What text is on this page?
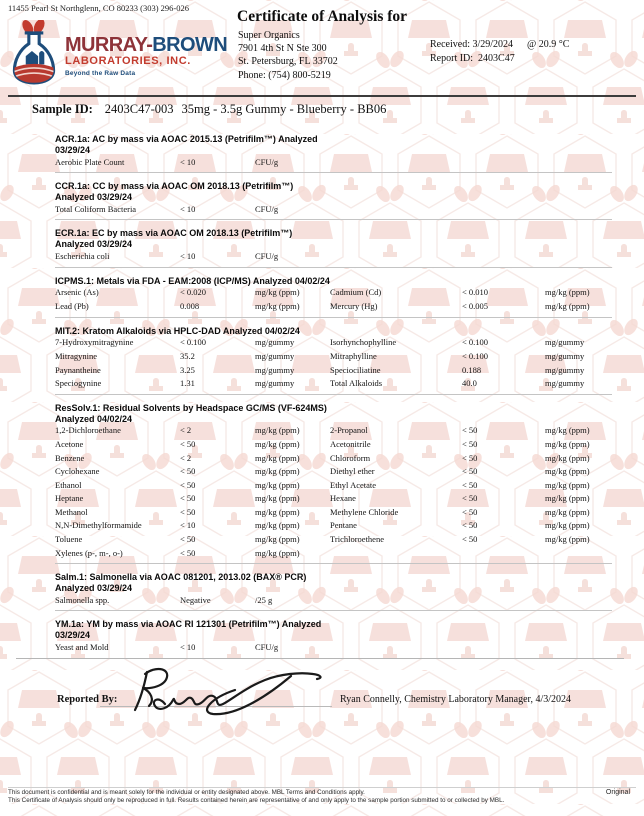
11455 Pearl St Northglenn, CO 80233 (303) 296-026
MURRAY-BROWN
LABORATORIES, INC.
Beyond the Raw Data
Certificate of Analysis for
Super Organics
7901 4th St N Ste 300
St. Petersburg, FL 33702
Phone: (754) 800-5219
Received: 3/29/2024 @ 20.9 °C
Report ID: 2403C47
Sample ID: 2403C47-003 35mg - 3.5g Gummy - Blueberry - BB06
ACR.1a: AC by mass via AOAC 2015.13 (Petrifilm™) Analyzed
03/29/24
Aerobic Plate Count	< 10	CFU/g
CCR.1a: CC by mass via AOAC OM 2018.13 (Petrifilm™)
Analyzed 03/29/24
Total Coliform Bacteria	< 10	CFU/g
ECR.1a: EC by mass via AOAC OM 2018.13 (Petrifilm™)
Analyzed 03/29/24
Escherichia coli	< 10	CFU/g
ICPMS.1: Metals via FDA - EAM:2008 (ICP/MS) Analyzed 04/02/24
Arsenic (As)	< 0.020	mg/kg (ppm)	Cadmium (Cd)	< 0.010	mg/kg (ppm)
Lead (Pb)	0.008	mg/kg (ppm)	Mercury (Hg)	< 0.005	mg/kg (ppm)
MIT.2: Kratom Alkaloids via HPLC-DAD Analyzed 04/02/24
7-Hydroxymitragynine	< 0.100	mg/gummy	Isorhynchophylline	< 0.100	mg/gummy
Mitragynine	35.2	mg/gummy	Mitraphylline	< 0.100	mg/gummy
Paynantheine	3.25	mg/gummy	Speciociliatine	0.188	mg/gummy
Speciogynine	1.31	mg/gummy	Total Alkaloids	40.0	mg/gummy
ResSolv.1: Residual Solvents by Headspace GC/MS (VF-624MS)
Analyzed 04/02/24
1,2-Dichloroethane	< 2	mg/kg (ppm)	2-Propanol	< 50	mg/kg (ppm)
Acetone	< 50	mg/kg (ppm)	Acetonitrile	< 50	mg/kg (ppm)
Benzene	< 2	mg/kg (ppm)	Chloroform	< 50	mg/kg (ppm)
Cyclohexane	< 50	mg/kg (ppm)	Diethyl ether	< 50	mg/kg (ppm)
Ethanol	< 50	mg/kg (ppm)	Ethyl Acetate	< 50	mg/kg (ppm)
Heptane	< 50	mg/kg (ppm)	Hexane	< 50	mg/kg (ppm)
Methanol	< 50	mg/kg (ppm)	Methylene Chloride	< 50	mg/kg (ppm)
N,N-Dimethylformamide	< 10	mg/kg (ppm)	Pentane	< 50	mg/kg (ppm)
Toluene	< 50	mg/kg (ppm)	Trichloroethene	< 50	mg/kg (ppm)
Xylenes (p-, m-, o-)	< 50	mg/kg (ppm)
Salm.1: Salmonella via AOAC 081201, 2013.02 (BAX® PCR)
Analyzed 03/29/24
Salmonella spp.	Negative	/25 g
YM.1a: YM by mass via AOAC RI 121301 (Petrifilm™) Analyzed
03/29/24
Yeast and Mold	< 10	CFU/g
Reported By:	Ryan Connelly, Chemistry Laboratory Manager, 4/3/2024
This document is confidential and is meant solely for the individual or entity designated above. MBL Terms and Conditions apply.
This Certificate of Analysis should only be reproduced in full. Results contained herein are representative of and only apply to the sample portion submitted to or collected by MBL.
Original
